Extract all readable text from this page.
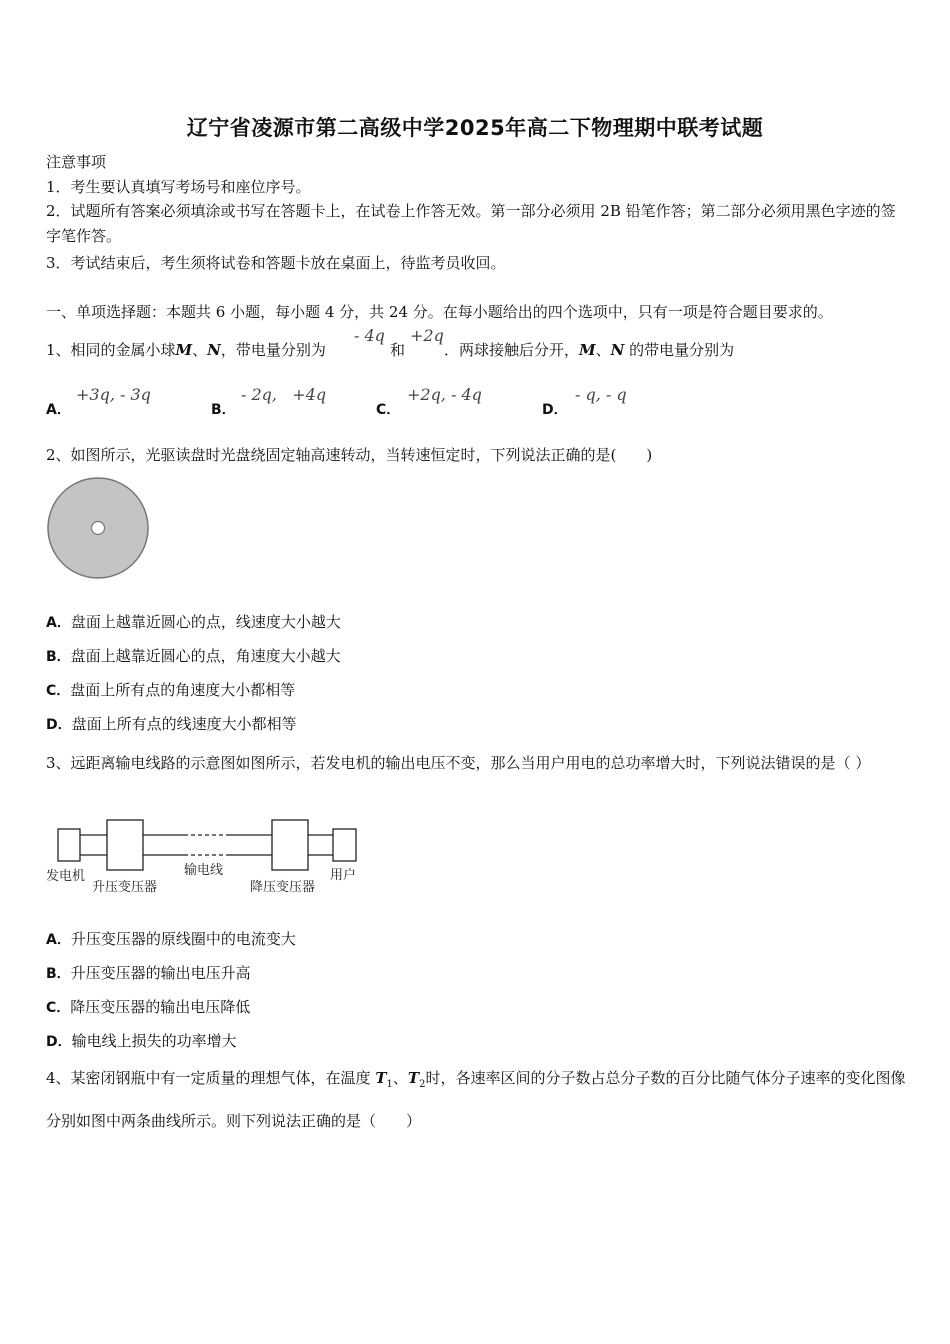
辽宁省凌源市第二高级中学2025年高二下物理期中联考试题
注意事项
1．考生要认真填写考场号和座位序号。
2．试题所有答案必须填涂或书写在答题卡上，在试卷上作答无效。第一部分必须用 2B 铅笔作答；第二部分必须用黑色字迹的签字笔作答。
3．考试结束后，考生须将试卷和答题卡放在桌面上，待监考员收回。
一、单项选择题：本题共 6 小题，每小题 4 分，共 24 分。在每小题给出的四个选项中，只有一项是符合题目要求的。
1、相同的金属小球M、N，带电量分别为
- 4q
和
+2q
．两球接触后分开，M、N 的带电量分别为
A．
+3q, - 3q
B．
- 2q,   +4q
C．
+2q, - 4q
D．
- q, - q
2、如图所示，光驱读盘时光盘绕固定轴高速转动，当转速恒定时，下列说法正确的是(　　)
A．盘面上越靠近圆心的点，线速度大小越大
B．盘面上越靠近圆心的点，角速度大小越大
C．盘面上所有点的角速度大小都相等
D．盘面上所有点的线速度大小都相等
3、远距离输电线路的示意图如图所示，若发电机的输出电压不变，那么当用户用电的总功率增大时，下列说法错误的是（ ）
发电机
升压变压器
输电线
降压变压器
用户
A．升压变压器的原线圈中的电流变大
B．升压变压器的输出电压升高
C．降压变压器的输出电压降低
D．输电线上损失的功率增大
4、某密闭钢瓶中有一定质量的理想气体，在温度 $T_1$、$T_2$时，各速率区间的分子数占总分子数的百分比随气体分子速率的变化图像分别如图中两条曲线所示。则下列说法正确的是（　　）
